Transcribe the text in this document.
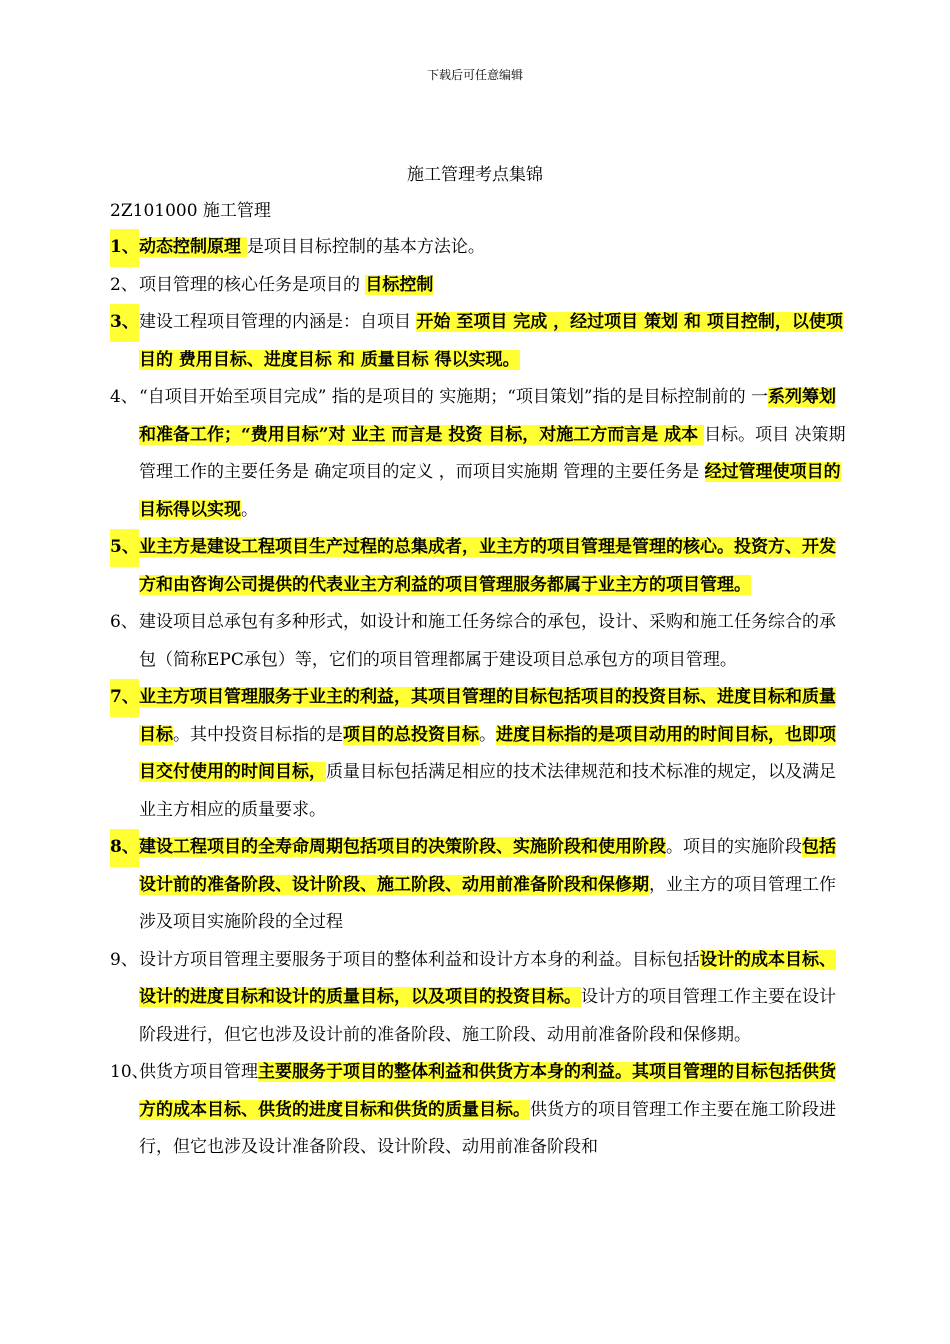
下载后可任意编辑
施工管理考点集锦
2Z101000 施工管理
1、 动态控制原理 是项目目标控制的基本方法论。
2、 项目管理的核心任务是项目的 目标控制
3、 建设工程项目管理的内涵是：自项目 开始 至项目 完成 ，经过项目 策划 和 项目控制，以使项目的 费用目标、进度目标 和 质量目标 得以实现。
4、 “自项目开始至项目完成” 指的是项目的 实施期；“项目策划”指的是目标控制前的 一系列筹划和准备工作；“费用目标”对 业主 而言是 投资 目标，对施工方而言是 成本 目标。项目 决策期 管理工作的主要任务是 确定项目的定义 ，而项目实施期 管理的主要任务是 经过管理使项目的目标得以实现。
5、 业主方是建设工程项目生产过程的总集成者，业主方的项目管理是管理的核心。投资方、开发方和由咨询公司提供的代表业主方利益的项目管理服务都属于业主方的项目管理。
6、 建设项目总承包有多种形式，如设计和施工任务综合的承包，设计、采购和施工任务综合的承包（简称EPC承包）等，它们的项目管理都属于建设项目总承包方的项目管理。
7、 业主方项目管理服务于业主的利益，其项目管理的目标包括项目的投资目标、进度目标和质量目标。其中投资目标指的是项目的总投资目标。进度目标指的是项目动用的时间目标，也即项目交付使用的时间目标，质量目标包括满足相应的技术法律规范和技术标准的规定，以及满足业主方相应的质量要求。
8、 建设工程项目的全寿命周期包括项目的决策阶段、实施阶段和使用阶段。项目的实施阶段包括设计前的准备阶段、设计阶段、施工阶段、动用前准备阶段和保修期，业主方的项目管理工作涉及项目实施阶段的全过程
9、 设计方项目管理主要服务于项目的整体利益和设计方本身的利益。目标包括设计的成本目标、设计的进度目标和设计的质量目标，以及项目的投资目标。设计方的项目管理工作主要在设计阶段进行，但它也涉及设计前的准备阶段、施工阶段、动用前准备阶段和保修期。
10、
供货方项目管理主要服务于项目的整体利益和供货方本身的利益。其项目管理的目标包括供货方的成本目标、供货的进度目标和供货的质量目标。供货方的项目管理工作主要在施工阶段进行，但它也涉及设计准备阶段、设计阶段、动用前准备阶段和
